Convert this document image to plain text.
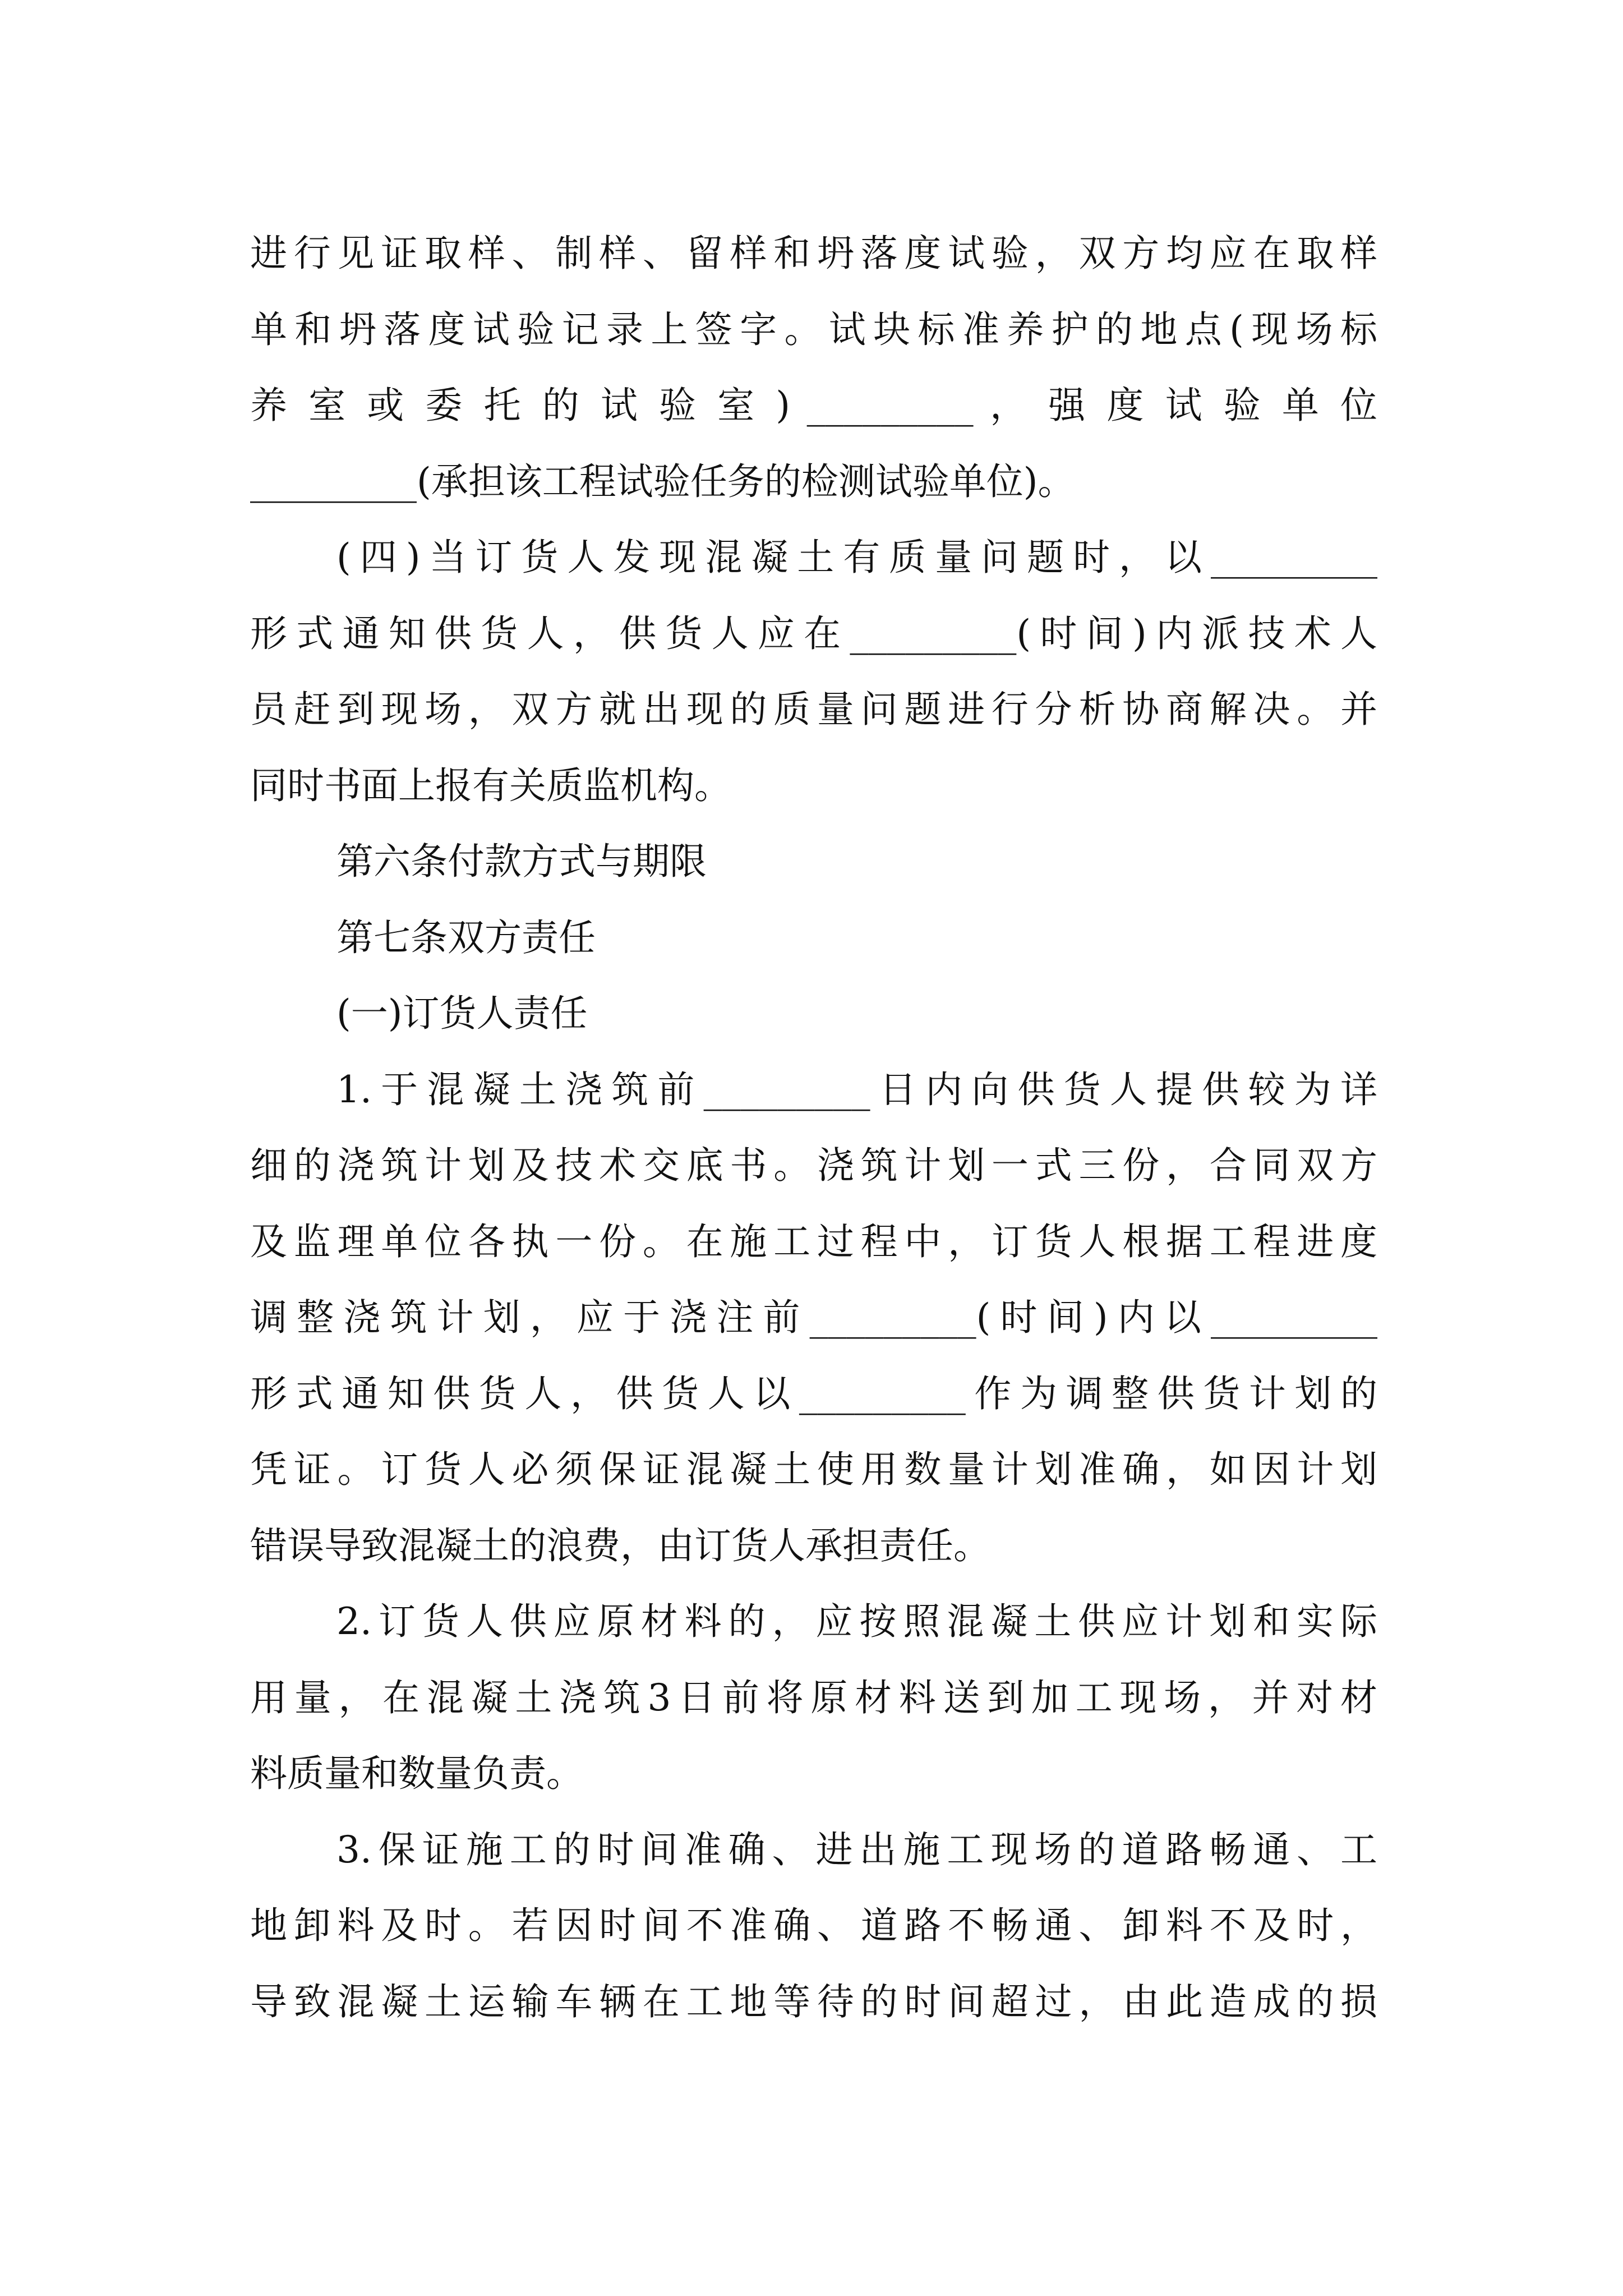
进行见证取样、制样、留样和坍落度试验，双方均应在取样
单和坍落度试验记录上签字。试块标准养护的地点(现场标
养 室 或 委 托 的 试 验 室 ) _________ ， 强 度 试 验 单 位
_________(承担该工程试验任务的检测试验单位)。
(四)当订货人发现混凝土有质量问题时，以_________
形式通知供货人，供货人应在_________(时间)内派技术人
员赶到现场，双方就出现的质量问题进行分析协商解决。并
同时书面上报有关质监机构。
第六条付款方式与期限
第七条双方责任
(一)订货人责任
1.于混凝土浇筑前_________日内向供货人提供较为详
细的浇筑计划及技术交底书。浇筑计划一式三份，合同双方
及监理单位各执一份。在施工过程中，订货人根据工程进度
调整浇筑计划，应于浇注前_________(时间)内以_________
形式通知供货人，供货人以_________作为调整供货计划的
凭证。订货人必须保证混凝土使用数量计划准确，如因计划
错误导致混凝土的浪费，由订货人承担责任。
2.订货人供应原材料的，应按照混凝土供应计划和实际
用量，在混凝土浇筑3日前将原材料送到加工现场，并对材
料质量和数量负责。
3.保证施工的时间准确、进出施工现场的道路畅通、工
地卸料及时。若因时间不准确、道路不畅通、卸料不及时，
导致混凝土运输车辆在工地等待的时间超过，由此造成的损
